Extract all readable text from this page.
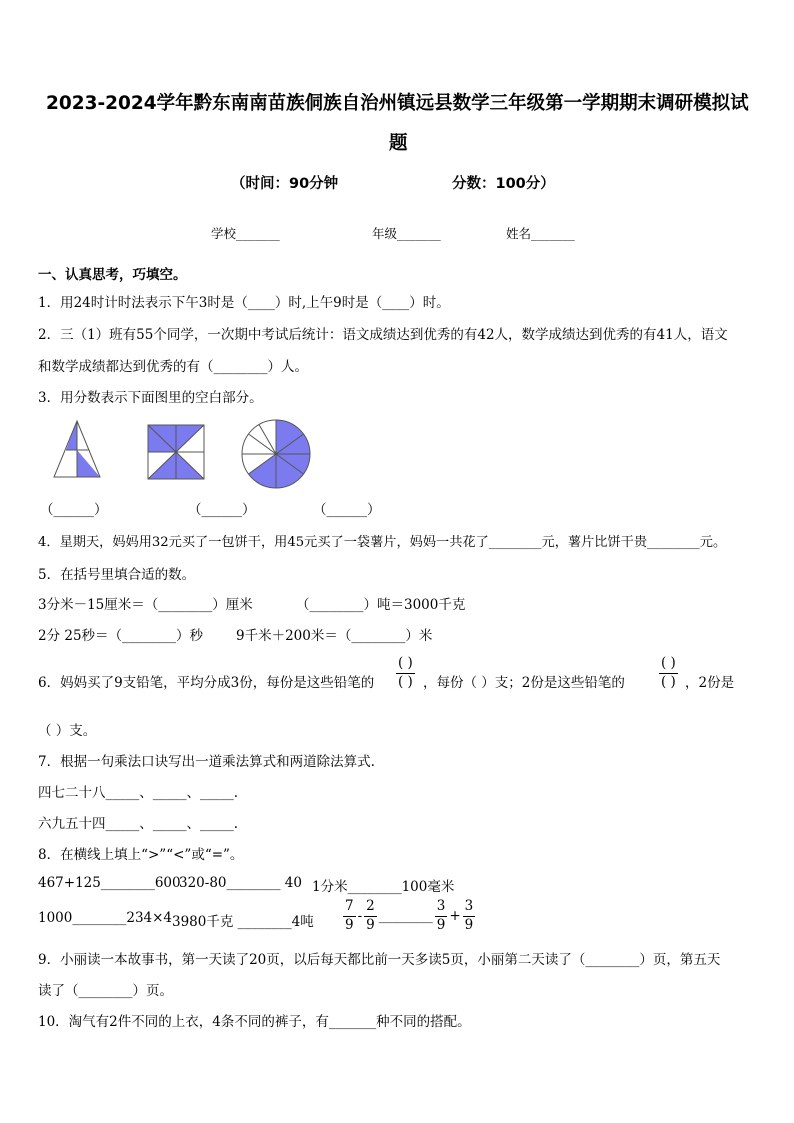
2023-2024学年黔东南南苗族侗族自治州镇远县数学三年级第一学期期末调研模拟试
题
（时间：90分钟	分数：100分）
学校_______	年级_______	姓名_______
一、认真思考，巧填空。
1．用24时计时法表示下午3时是（____）时,上午9时是（____）时。
2．三（1）班有55个同学，一次期中考试后统计：语文成绩达到优秀的有42人，数学成绩达到优秀的有41人，语文
和数学成绩都达到优秀的有（________）人。
3．用分数表示下面图里的空白部分。
（______）	（______）	（______）
4．星期天，妈妈用32元买了一包饼干，用45元买了一袋薯片，妈妈一共花了________元，薯片比饼干贵________元。
5．在括号里填合适的数。
3分米－15厘米＝（________）厘米	（________）吨＝3000千克
2分 25秒＝（________）秒 9千米＋200米＝（________）米
6．妈妈买了9支铅笔，平均分成3份，每份是这些铅笔的 $\frac{( )}{( )}$ ，每份（ ）支；2份是这些铅笔的	$\frac{( )}{( )}$ ，2份是
（ ）支。
7．根据一句乘法口诀写出一道乘法算式和两道除法算式.
四七二十八_____、_____、_____.
六九五十四_____、_____、_____.
8．在横线上填上“>”“<”或“=”。
467+125________600
320-80________ 40 1分米________100毫米
1000________234×4 3980千克 ________4吨 $\frac{7}{9} - \frac{2}{9}$ ________ $\frac{3}{9} + \frac{3}{9}$
9．小丽读一本故事书，第一天读了20页，以后每天都比前一天多读5页，小丽第二天读了（________）页，第五天
读了（________）页。
10．淘气有2件不同的上衣，4条不同的裤子，有_______种不同的搭配。
